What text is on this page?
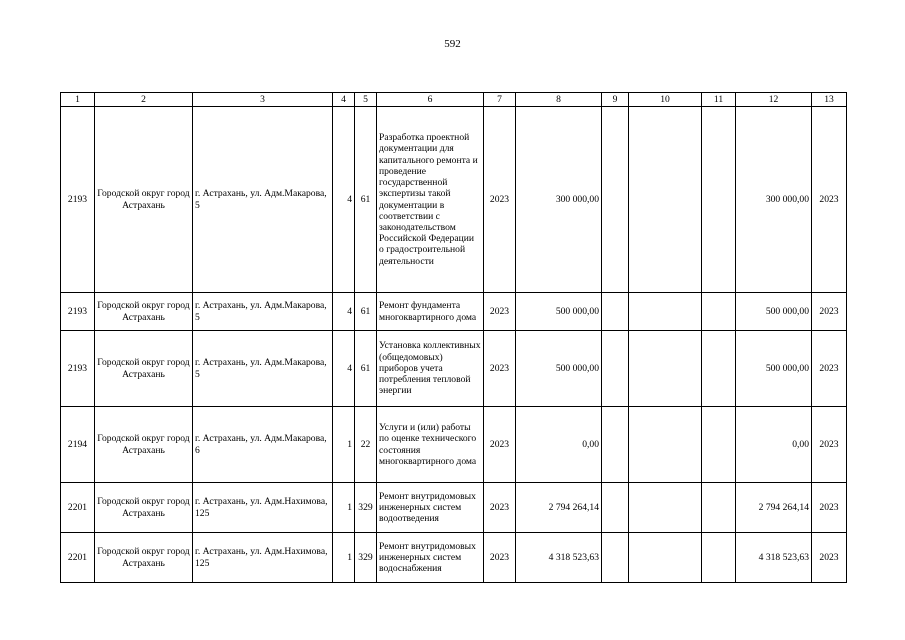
592
1	2	3	4	5	6	7	8	9	10	11	12	13
2193	Городской округ город Астрахань	г. Астрахань, ул. Адм.Макарова, 5	4	61	Разработка проектной документации для капитального ремонта и проведение государственной экспертизы такой документации в соответствии с законодательством Российской Федерации о градостроительной деятельности	2023	300 000,00				300 000,00	2023
2193	Городской округ город Астрахань	г. Астрахань, ул. Адм.Макарова, 5	4	61	Ремонт фундамента многоквартирного дома	2023	500 000,00				500 000,00	2023
2193	Городской округ город Астрахань	г. Астрахань, ул. Адм.Макарова, 5	4	61	Установка коллективных (общедомовых) приборов учета потребления тепловой энергии	2023	500 000,00				500 000,00	2023
2194	Городской округ город Астрахань	г. Астрахань, ул. Адм.Макарова, 6	1	22	Услуги и (или) работы по оценке технического состояния многоквартирного дома	2023	0,00				0,00	2023
2201	Городской округ город Астрахань	г. Астрахань, ул. Адм.Нахимова, 125	1	329	Ремонт внутридомовых инженерных систем водоотведения	2023	2 794 264,14				2 794 264,14	2023
2201	Городской округ город Астрахань	г. Астрахань, ул. Адм.Нахимова, 125	1	329	Ремонт внутридомовых инженерных систем водоснабжения	2023	4 318 523,63				4 318 523,63	2023
